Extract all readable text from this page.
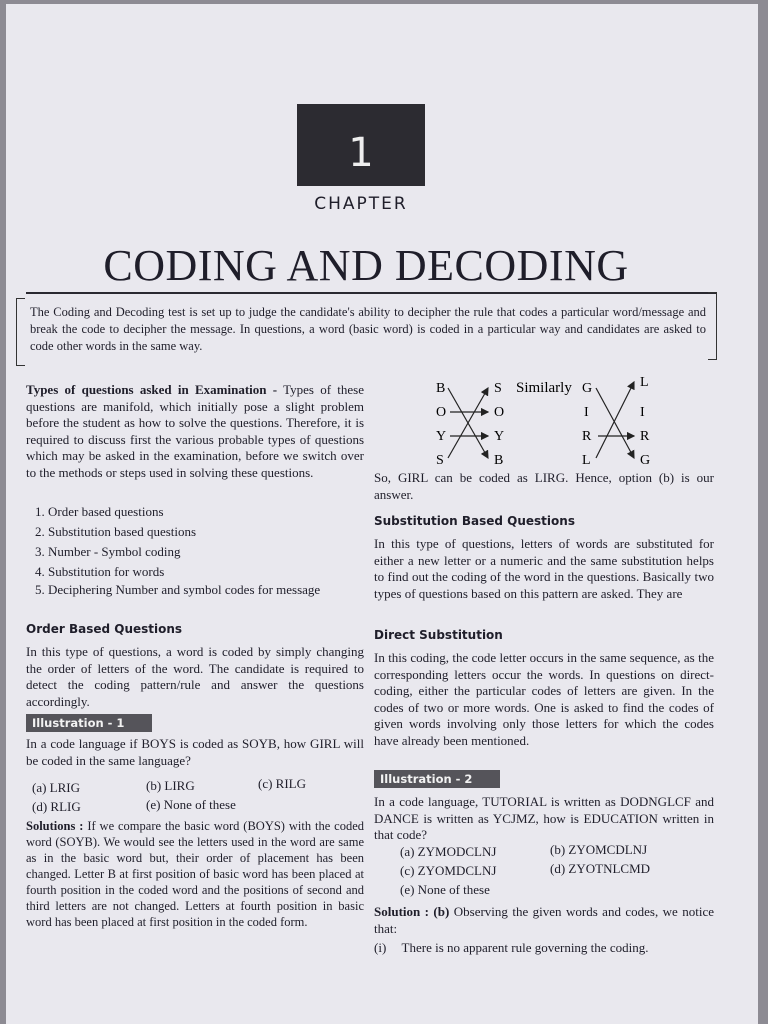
1
CHAPTER
CODING AND DECODING
The Coding and Decoding test is set up to judge the candidate's ability to decipher the rule that codes a particular word/message and break the code to decipher the message. In questions, a word (basic word) is coded in a particular way and candidates are asked to code other words in the same way.
Types of questions asked in Examination - Types of these questions are manifold, which initially pose a slight problem before the student as how to solve the questions. Therefore, it is required to discuss first the various probable types of questions which may be asked in the examination, before we switch over to the methods or steps used in solving these questions.
1. Order based questions
2. Substitution based questions
3. Number - Symbol coding
4. Substitution for words
5. Deciphering Number and symbol codes for message
Order Based Questions
In this type of questions, a word is coded by simply changing the order of letters of the word. The candidate is required to detect the coding pattern/rule and answer the questions accordingly.
Illustration - 1
In a code language if BOYS is coded as SOYB, how GIRL will be coded in the same language?
(a) LRIG	(b) LIRG	(c) RILG
(d) RLIG	(e) None of these
Solutions : If we compare the basic word (BOYS) with the coded word (SOYB). We would see the letters used in the word are same as in the basic word but, their order of placement has been changed. Letter B at first position of basic word has been placed at fourth position in the coded word and the positions of second and third letters are not changed. Letters at fourth position in basic word has been placed at first position in the coded form.
B
O
Y
S
S
O
Y
B
Similarly G
I
R
L
L
I
R
G
So, GIRL can be coded as LIRG. Hence, option (b) is our answer.
Substitution Based Questions
In this type of questions, letters of words are substituted for either a new letter or a numeric and the same substitution helps to find out the coding of the word in the questions. Basically two types of questions based on this pattern are asked. They are
Direct Substitution
In this coding, the code letter occurs in the same sequence, as the corresponding letters occur the words. In questions on direct-coding, either the particular codes of letters are given. In the codes of two or more words. One is asked to find the codes of given words involving only those letters for which the codes have already been mentioned.
Illustration - 2
In a code language, TUTORIAL is written as DODNGLCF and DANCE is written as YCJMZ, how is EDUCATION written in that code?
(a) ZYMODCLNJ	(b) ZYOMCDLNJ
(c) ZYOMDCLNJ	(d) ZYOTNLCMD
(e) None of these
Solution : (b) Observing the given words and codes, we notice that:
(i) There is no apparent rule governing the coding.
